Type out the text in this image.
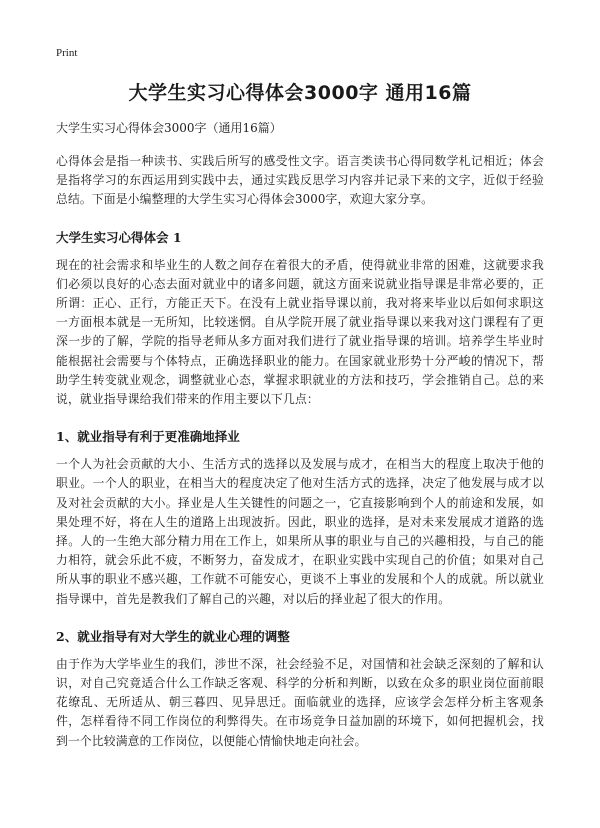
Print

大学生实习心得体会3000字 通用16篇

大学生实习心得体会3000字（通用16篇）

心得体会是指一种读书、实践后所写的感受性文字。语言类读书心得同数学札记相近；体会是指将学习的东西运用到实践中去，通过实践反思学习内容并记录下来的文字，近似于经验总结。下面是小编整理的大学生实习心得体会3000字，欢迎大家分享。

大学生实习心得体会 1

现在的社会需求和毕业生的人数之间存在着很大的矛盾，使得就业非常的困难，这就要求我们必须以良好的心态去面对就业中的诸多问题，就这方面来说就业指导课是非常必要的，正所谓：正心、正行，方能正天下。在没有上就业指导课以前，我对将来毕业以后如何求职这一方面根本就是一无所知，比较迷惘。自从学院开展了就业指导课以来我对这门课程有了更深一步的了解，学院的指导老师从多方面对我们进行了就业指导课的培训。培养学生毕业时能根据社会需要与个体特点，正确选择职业的能力。在国家就业形势十分严峻的情况下，帮助学生转变就业观念，调整就业心态，掌握求职就业的方法和技巧，学会推销自己。总的来说，就业指导课给我们带来的作用主要以下几点：

1、就业指导有利于更准确地择业

一个人为社会贡献的大小、生活方式的选择以及发展与成才，在相当大的程度上取决于他的职业。一个人的职业，在相当大的程度决定了他对生活方式的选择，决定了他发展与成才以及对社会贡献的大小。择业是人生关键性的问题之一，它直接影响到个人的前途和发展，如果处理不好，将在人生的道路上出现波折。因此，职业的选择，是对未来发展成才道路的选择。人的一生绝大部分精力用在工作上，如果所从事的职业与自己的兴趣相投，与自己的能力相符，就会乐此不疲，不断努力，奋发成才，在职业实践中实现自己的价值；如果对自己所从事的职业不感兴趣，工作就不可能安心，更谈不上事业的发展和个人的成就。所以就业指导课中，首先是教我们了解自己的兴趣，对以后的择业起了很大的作用。

2、就业指导有对大学生的就业心理的调整

由于作为大学毕业生的我们，涉世不深，社会经验不足，对国情和社会缺乏深刻的了解和认识，对自己究竟适合什么工作缺乏客观、科学的分析和判断，以致在众多的职业岗位面前眼花缭乱、无所适从、朝三暮四、见异思迁。面临就业的选择，应该学会怎样分析主客观条件，怎样看待不同工作岗位的利弊得失。在市场竞争日益加剧的环境下，如何把握机会，找到一个比较满意的工作岗位，以便能心情愉快地走向社会。
